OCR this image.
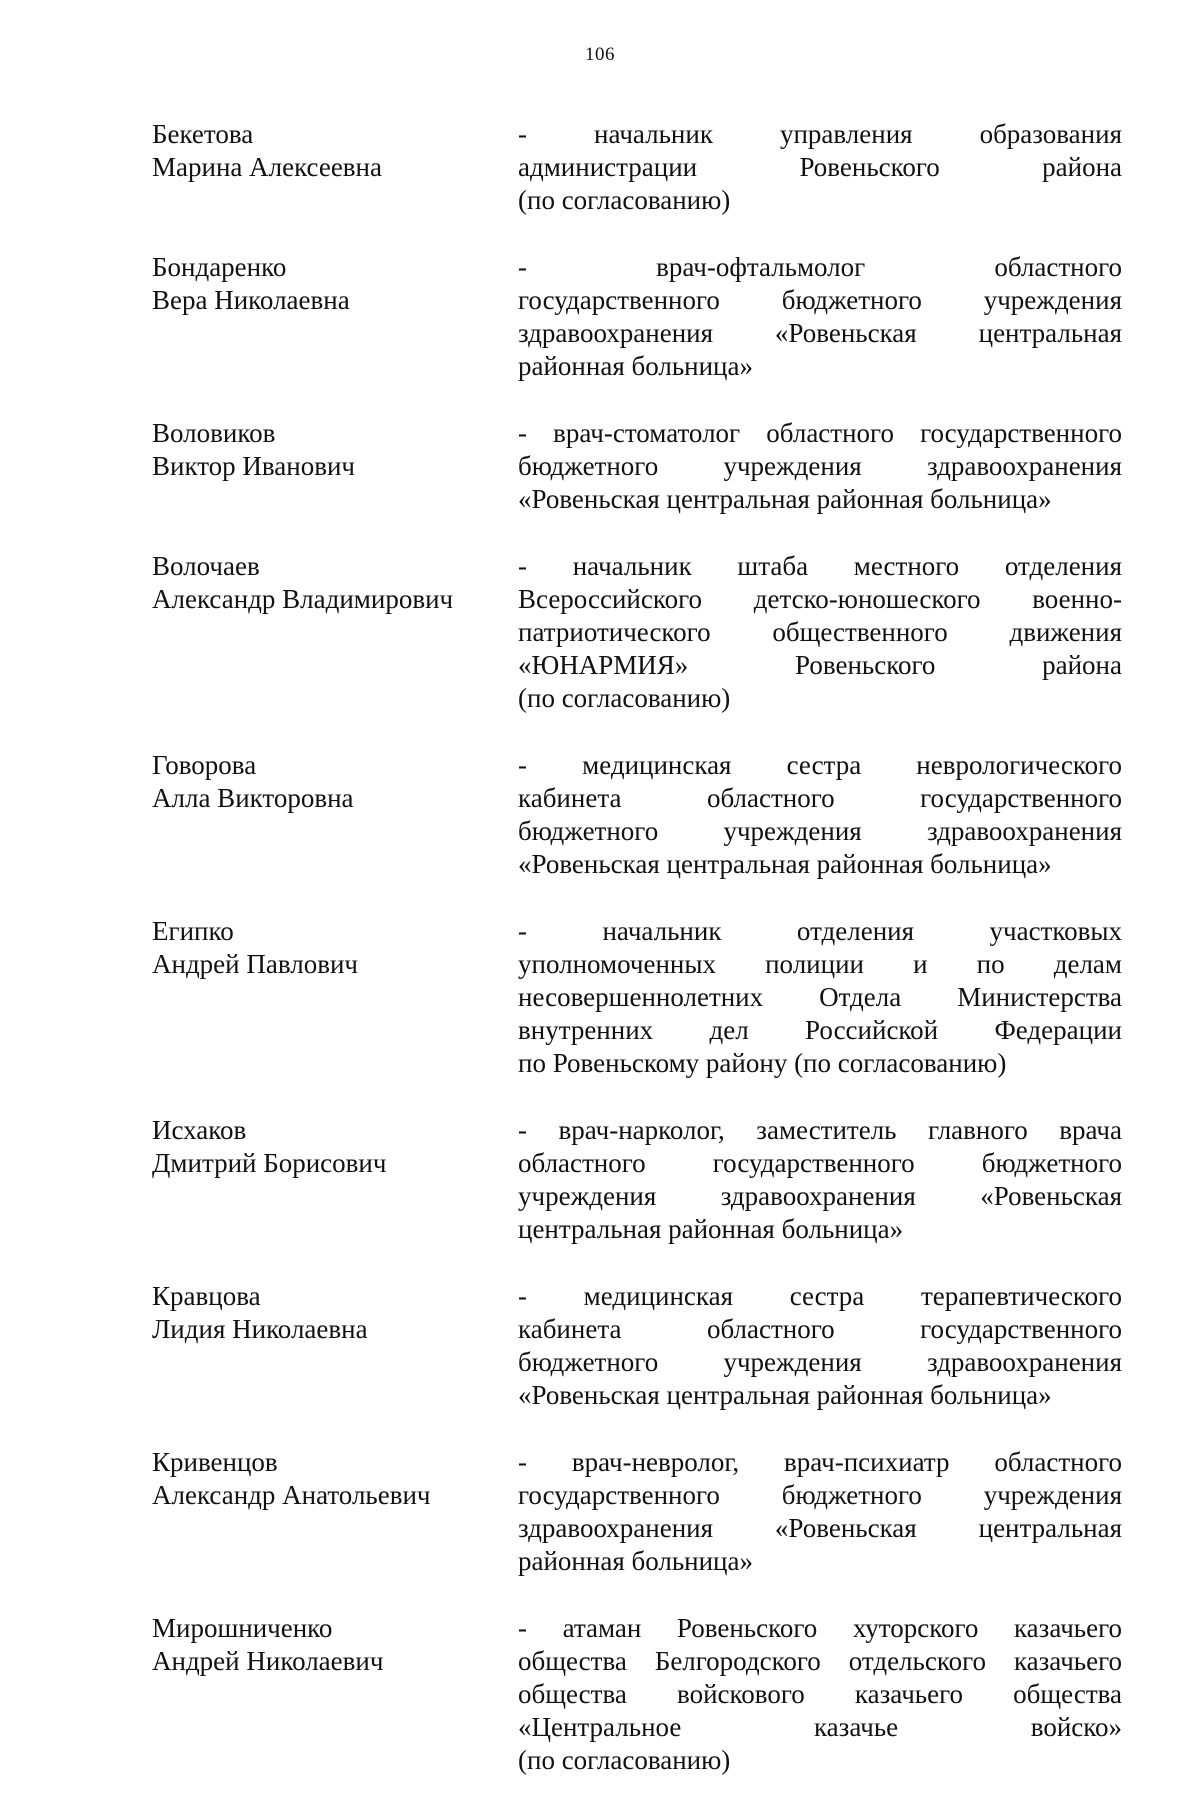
106
Бекетова
Марина Алексеевна
- начальник управления образования
администрации Ровеньского района
(по согласованию)
Бондаренко
Вера Николаевна
- врач-офтальмолог областного
государственного бюджетного учреждения
здравоохранения «Ровеньская центральная
районная больница»
Воловиков
Виктор Иванович
- врач-стоматолог областного государственного
бюджетного учреждения здравоохранения
«Ровеньская центральная районная больница»
Волочаев
Александр Владимирович
- начальник штаба местного отделения
Всероссийского детско-юношеского военно-
патриотического общественного движения
«ЮНАРМИЯ» Ровеньского района
(по согласованию)
Говорова
Алла Викторовна
- медицинская сестра неврологического
кабинета областного государственного
бюджетного учреждения здравоохранения
«Ровеньская центральная районная больница»
Египко
Андрей Павлович
- начальник отделения участковых
уполномоченных полиции и по делам
несовершеннолетних Отдела Министерства
внутренних дел Российской Федерации
по Ровеньскому району (по согласованию)
Исхаков
Дмитрий Борисович
- врач-нарколог, заместитель главного врача
областного государственного бюджетного
учреждения здравоохранения «Ровеньская
центральная районная больница»
Кравцова
Лидия Николаевна
- медицинская сестра терапевтического
кабинета областного государственного
бюджетного учреждения здравоохранения
«Ровеньская центральная районная больница»
Кривенцов
Александр Анатольевич
- врач-невролог, врач-психиатр областного
государственного бюджетного учреждения
здравоохранения «Ровеньская центральная
районная больница»
Мирошниченко
Андрей Николаевич
- атаман Ровеньского хуторского казачьего
общества Белгородского отдельского казачьего
общества войскового казачьего общества
«Центральное казачье войско»
(по согласованию)
